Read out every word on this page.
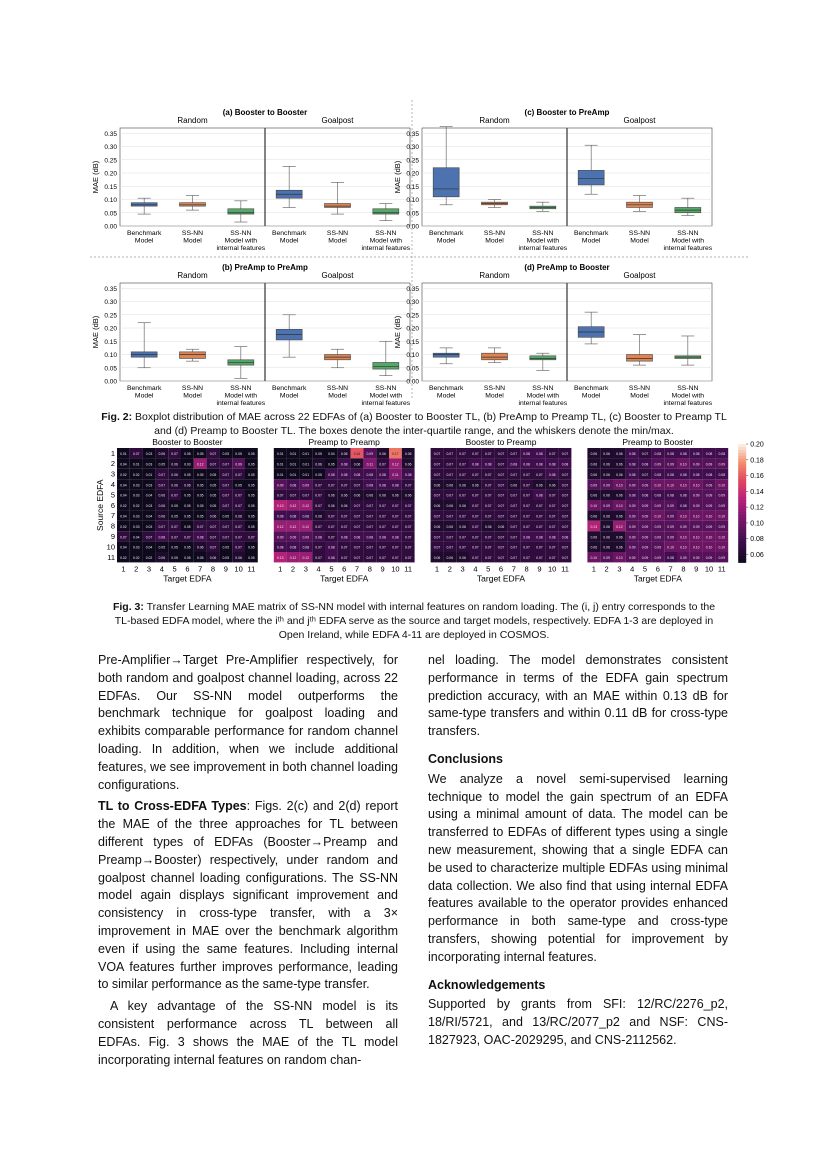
(a) Booster to Booster
Random	Goalpost
0.00
0.05
0.10
0.15
0.20
0.25
0.30
0.35
MAE (dB)
Benchmark
Model
SS-NN
Model
SS-NN
Model with
internal features
Benchmark
Model
SS-NN
Model
SS-NN
Model with
internal features
(c) Booster to PreAmp
Random	Goalpost
0.00
0.05
0.10
0.15
0.20
0.25
0.30
0.35
MAE (dB)
Benchmark
Model
SS-NN
Model
SS-NN
Model with
internal features
Benchmark
Model
SS-NN
Model
SS-NN
Model with
internal features
(b) PreAmp to PreAmp
Random	Goalpost
0.00
0.05
0.10
0.15
0.20
0.25
0.30
0.35
MAE (dB)
Benchmark
Model
SS-NN
Model
SS-NN
Model with
internal features
Benchmark
Model
SS-NN
Model
SS-NN
Model with
internal features
(d) PreAmp to Booster
Random	Goalpost
0.00
0.05
0.10
0.15
0.20
0.25
0.30
0.35
MAE (dB)
Benchmark
Model
SS-NN
Model
SS-NN
Model with
internal features
Benchmark
Model
SS-NN
Model
SS-NN
Model with
internal features
Fig. 2: Boxplot distribution of MAE across 22 EDFAs of (a) Booster to Booster TL, (b) PreAmp to Preamp TL, (c) Booster to Preamp TL and (d) Preamp to Booster TL. The boxes denote the inter-quartile range, and the whiskers denote the min/max.
Source EDFA
1
2
3
4
5
6
7
8
9
10
11
Booster to Booster
0.01 0.07 0.03 0.06 0.07 0.05 0.05 0.07 0.05 0.05 0.05
0.04 0.01 0.03 0.05 0.06 0.03 0.12 0.07 0.07 0.09 0.05
0.02 0.02 0.01 0.07 0.06 0.05 0.05 0.05 0.07 0.07 0.05
0.04 0.03 0.03 0.07 0.06 0.06 0.05 0.05 0.07 0.05 0.05
0.04 0.03 0.04 0.06 0.07 0.05 0.05 0.05 0.07 0.07 0.05
0.02 0.02 0.03 0.06 0.05 0.05 0.05 0.05 0.07 0.07 0.05
0.04 0.03 0.04 0.06 0.05 0.05 0.05 0.06 0.05 0.06 0.05
0.02 0.03 0.03 0.07 0.07 0.05 0.07 0.07 0.07 0.07 0.05
0.07 0.04 0.07 0.08 0.07 0.07 0.08 0.07 0.07 0.07 0.07
0.04 0.03 0.04 0.05 0.05 0.05 0.06 0.07 0.05 0.07 0.05
0.02 0.02 0.02 0.06 0.05 0.05 0.05 0.06 0.05 0.06 0.05
1 2 3 4 5 6 7 8 9 10 11
Target EDFA
Preamp to Preamp
0.01 0.01 0.01 0.05 0.04 0.06 0.16 0.09 0.06 0.17 0.06
0.01 0.01 0.01 0.06 0.05 0.08 0.06 0.11 0.07 0.12 0.06
0.01 0.01 0.01 0.05 0.08 0.08 0.08 0.08 0.08 0.11 0.08
0.09 0.08 0.09 0.07 0.07 0.07 0.07 0.08 0.08 0.08 0.07
0.07 0.07 0.07 0.07 0.06 0.06 0.06 0.06 0.06 0.06 0.06
0.13 0.12 0.12 0.07 0.06 0.06 0.07 0.07 0.07 0.07 0.07
0.08 0.08 0.08 0.06 0.07 0.07 0.07 0.07 0.07 0.07 0.07
0.12 0.12 0.12 0.07 0.07 0.07 0.07 0.07 0.07 0.07 0.07
0.09 0.09 0.09 0.08 0.07 0.08 0.08 0.08 0.08 0.08 0.07
0.08 0.08 0.08 0.07 0.08 0.07 0.07 0.07 0.07 0.07 0.07
0.13 0.12 0.12 0.07 0.08 0.07 0.07 0.07 0.07 0.07 0.07
1 2 3 4 5 6 7 8 9 10 11
Target EDFA
Booster to Preamp
0.07 0.07 0.07 0.07 0.07 0.07 0.07 0.08 0.08 0.07 0.07
0.07 0.07 0.07 0.08 0.08 0.07 0.08 0.08 0.08 0.08 0.08
0.07 0.07 0.07 0.07 0.07 0.07 0.07 0.07 0.07 0.08 0.07
0.06 0.06 0.06 0.06 0.07 0.07 0.06 0.07 0.06 0.06 0.07
0.07 0.07 0.07 0.07 0.07 0.07 0.07 0.07 0.08 0.07 0.07
0.06 0.06 0.06 0.07 0.07 0.07 0.07 0.07 0.07 0.07 0.07
0.07 0.07 0.07 0.07 0.07 0.07 0.07 0.07 0.07 0.07 0.07
0.06 0.06 0.06 0.07 0.06 0.06 0.07 0.07 0.07 0.07 0.07
0.07 0.07 0.07 0.07 0.07 0.07 0.07 0.08 0.08 0.08 0.08
0.07 0.07 0.07 0.07 0.07 0.07 0.07 0.07 0.07 0.07 0.07
0.06 0.06 0.06 0.07 0.07 0.07 0.07 0.07 0.07 0.07 0.07
1 2 3 4 5 6 7 8 9 10 11
Target EDFA
Preamp to Booster
0.06 0.06 0.06 0.08 0.07 0.08 0.08 0.08 0.08 0.08 0.08
0.06 0.06 0.06 0.08 0.08 0.09 0.09 0.10 0.09 0.09 0.09
0.06 0.06 0.06 0.08 0.07 0.08 0.08 0.08 0.08 0.08 0.08
0.09 0.09 0.10 0.09 0.09 0.10 0.10 0.10 0.10 0.09 0.10
0.06 0.06 0.06 0.08 0.08 0.08 0.08 0.08 0.09 0.09 0.09
0.10 0.09 0.10 0.09 0.09 0.09 0.09 0.08 0.09 0.09 0.09
0.06 0.06 0.06 0.09 0.09 0.10 0.09 0.10 0.10 0.10 0.10
0.13 0.06 0.12 0.09 0.09 0.09 0.09 0.09 0.09 0.09 0.09
0.06 0.06 0.06 0.09 0.09 0.09 0.09 0.10 0.10 0.10 0.10
0.06 0.06 0.06 0.09 0.09 0.09 0.10 0.10 0.10 0.10 0.10
0.10 0.09 0.10 0.09 0.09 0.09 0.08 0.09 0.09 0.09 0.09
1 2 3 4 5 6 7 8 9 10 11
Target EDFA
0.20
0.18
0.16
0.14
0.12
0.10
0.08
0.06
Fig. 3: Transfer Learning MAE matrix of SS-NN model with internal features on random loading. The (i, j) entry corresponds to the TL-based EDFA model, where the iᵗʰ and jᵗʰ EDFA serve as the source and target models, respectively. EDFA 1-3 are deployed in Open Ireland, while EDFA 4-11 are deployed in COSMOS.

Pre-Amplifier→Target Pre-Amplifier respectively, for both random and goalpost channel loading, across 22 EDFAs. Our SS-NN model outperforms the benchmark technique for goalpost loading and exhibits comparable performance for random channel loading. In addition, when we include additional features, we see improvement in both channel loading configurations.

TL to Cross-EDFA Types: Figs. 2(c) and 2(d) report the MAE of the three approaches for TL between different types of EDFAs (Booster→Preamp and Preamp→Booster) respectively, under random and goalpost channel loading configurations. The SS-NN model again displays significant improvement and consistency in cross-type transfer, with a 3× improvement in MAE over the benchmark algorithm even if using the same features. Including internal VOA features further improves performance, leading to similar performance as the same-type transfer.

A key advantage of the SS-NN model is its consistent performance across TL between all EDFAs. Fig. 3 shows the MAE of the TL model incorporating internal features on random chan-

nel loading. The model demonstrates consistent performance in terms of the EDFA gain spectrum prediction accuracy, with an MAE within 0.13 dB for same-type transfers and within 0.11 dB for cross-type transfers.

Conclusions

We analyze a novel semi-supervised learning technique to model the gain spectrum of an EDFA using a minimal amount of data. The model can be transferred to EDFAs of different types using a single new measurement, showing that a single EDFA can be used to characterize multiple EDFAs using minimal data collection. We also find that using internal EDFA features available to the operator provides enhanced performance in both same-type and cross-type transfers, showing potential for improvement by incorporating internal features.

Acknowledgements

Supported by grants from SFI: 12/RC/2276_p2, 18/RI/5721, and 13/RC/2077_p2 and NSF: CNS-1827923, OAC-2029295, and CNS-2112562.
